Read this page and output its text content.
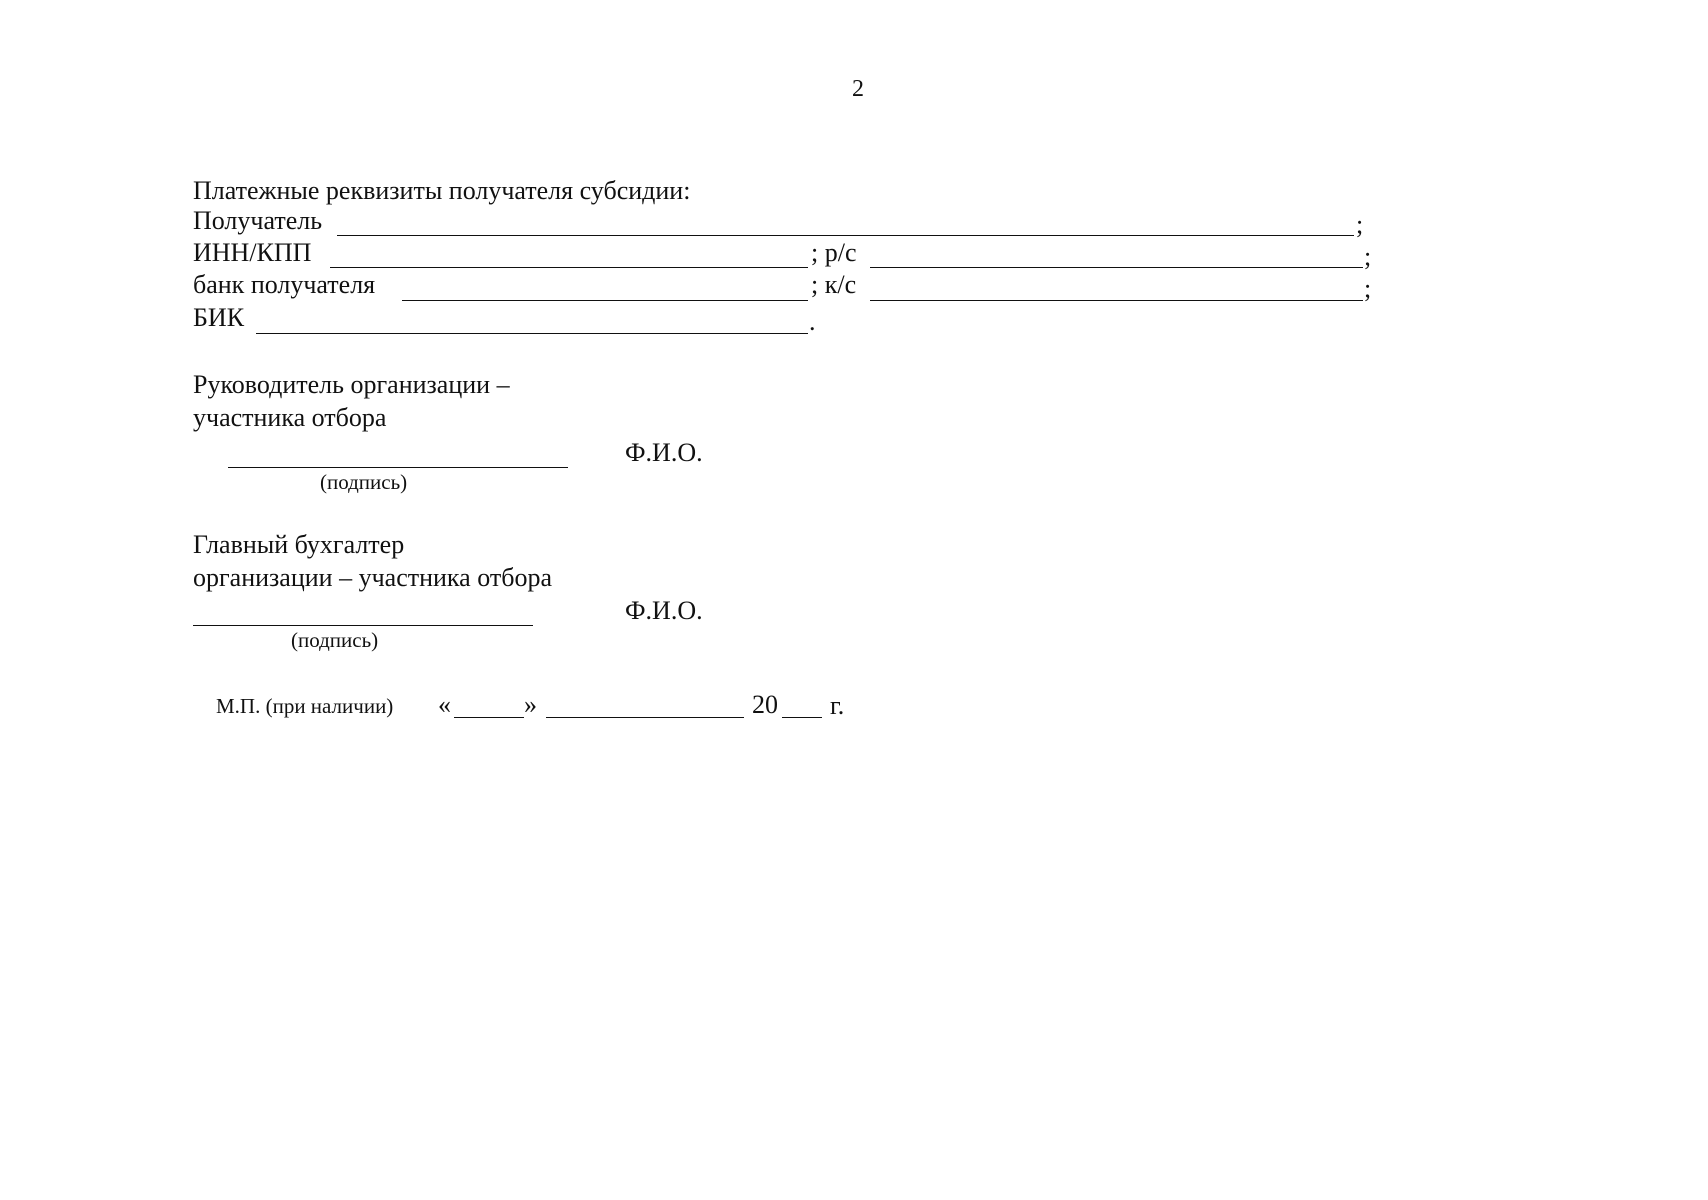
2
Платежные реквизиты получателя субсидии:
Получатель	;
ИНН/КПП	; р/с	;
банк получателя	; к/с	;
БИК	.
Руководитель организации –
участника отбора
Ф.И.О.
(подпись)
Главный бухгалтер
организации – участника отбора
Ф.И.О.
(подпись)
М.П. (при наличии) «	»	20 г.
